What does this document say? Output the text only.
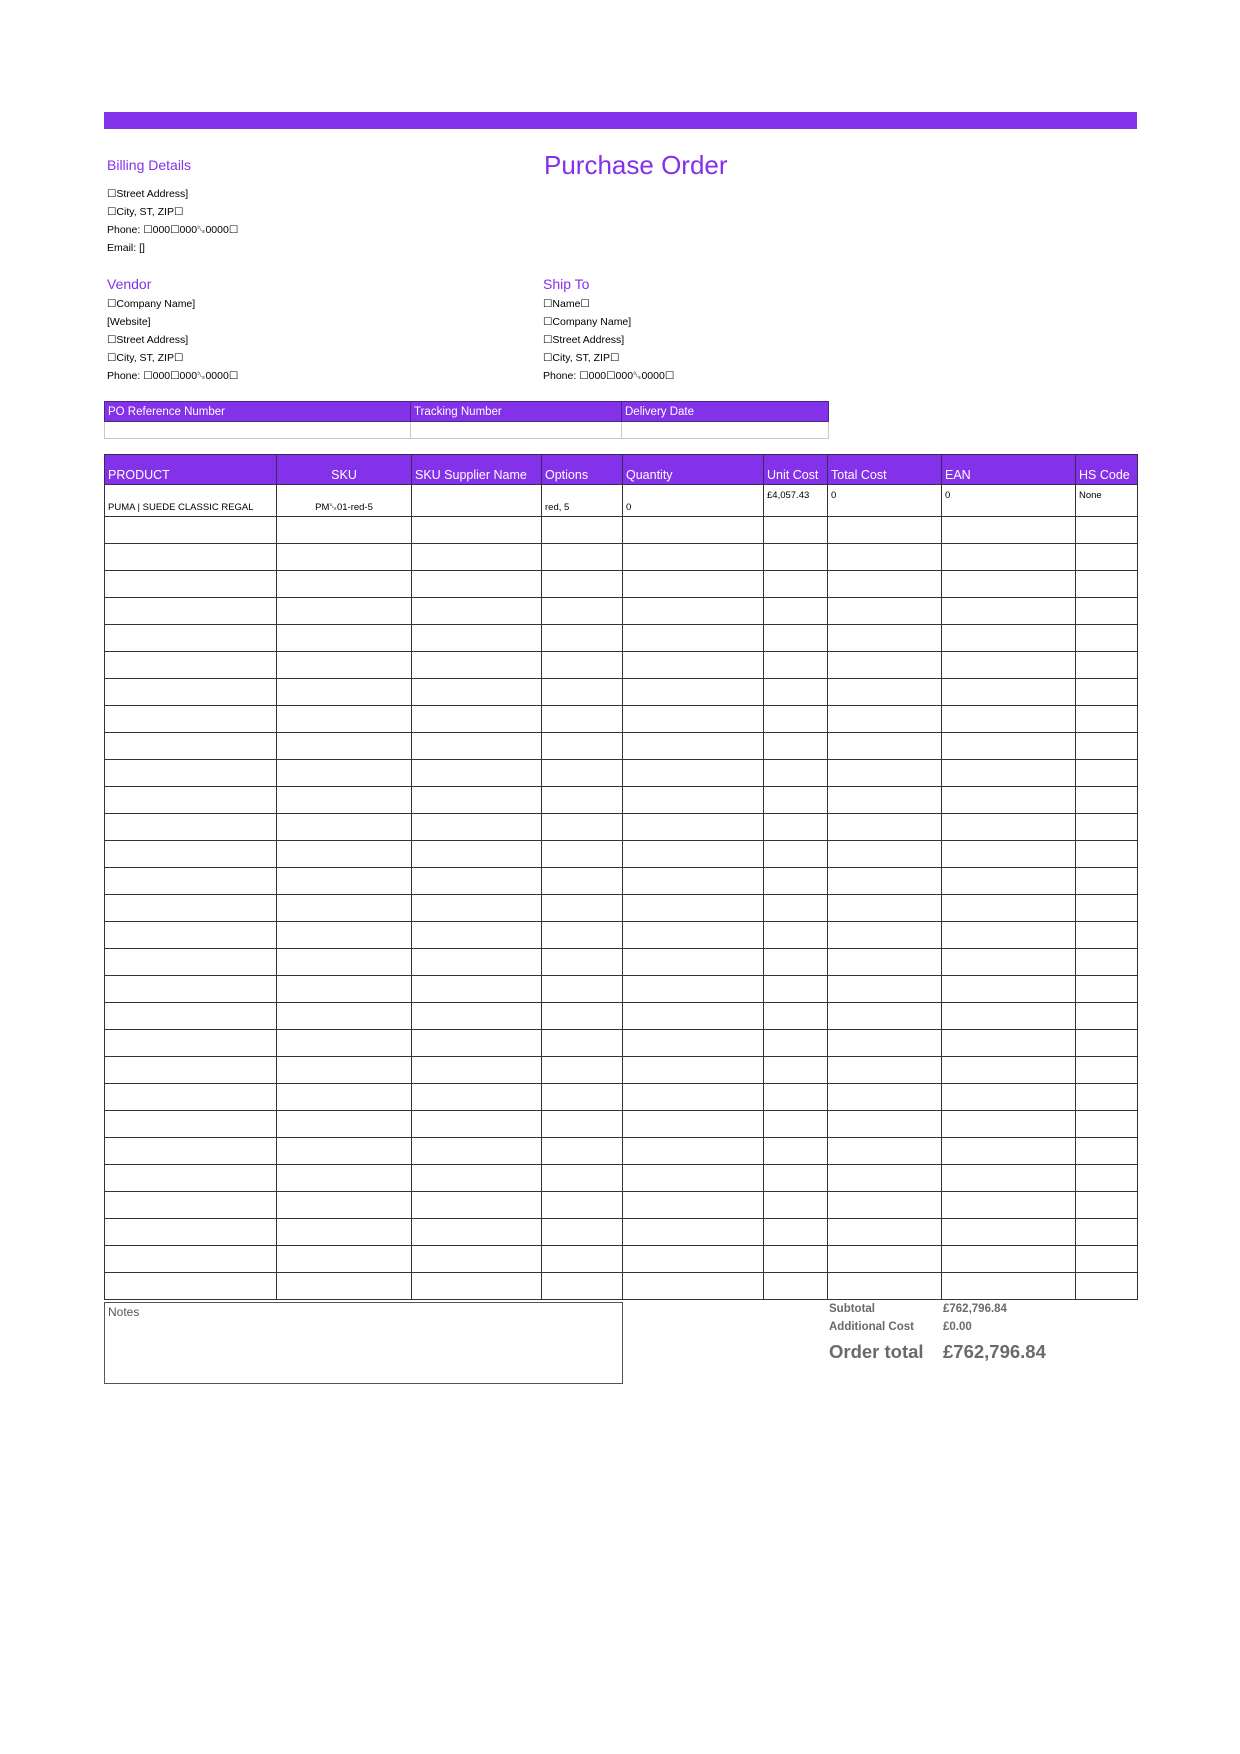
Billing Details	Purchase Order
☐Street Address]
☐City, ST, ZIP☐
Phone: ☐000☐000␐0000☐
Email: []
Vendor
☐Company Name]
[Website]
☐Street Address]
☐City, ST, ZIP☐
Phone: ☐000☐000␐0000☐
Ship To
☐Name☐
☐Company Name]
☐Street Address]
☐City, ST, ZIP☐
Phone: ☐000☐000␐0000☐
PO Reference Number	Tracking Number	Delivery Date

PRODUCT	SKU	SKU Supplier Name	Options	Quantity	Unit Cost	Total Cost	EAN	HS Code
PUMA | SUEDE CLASSIC REGAL	PM␐01-red-5		red, 5	0	£4,057.43	0	0	None

Notes	Subtotal	£762,796.84
Additional Cost	£0.00
Order total £762,796.84
